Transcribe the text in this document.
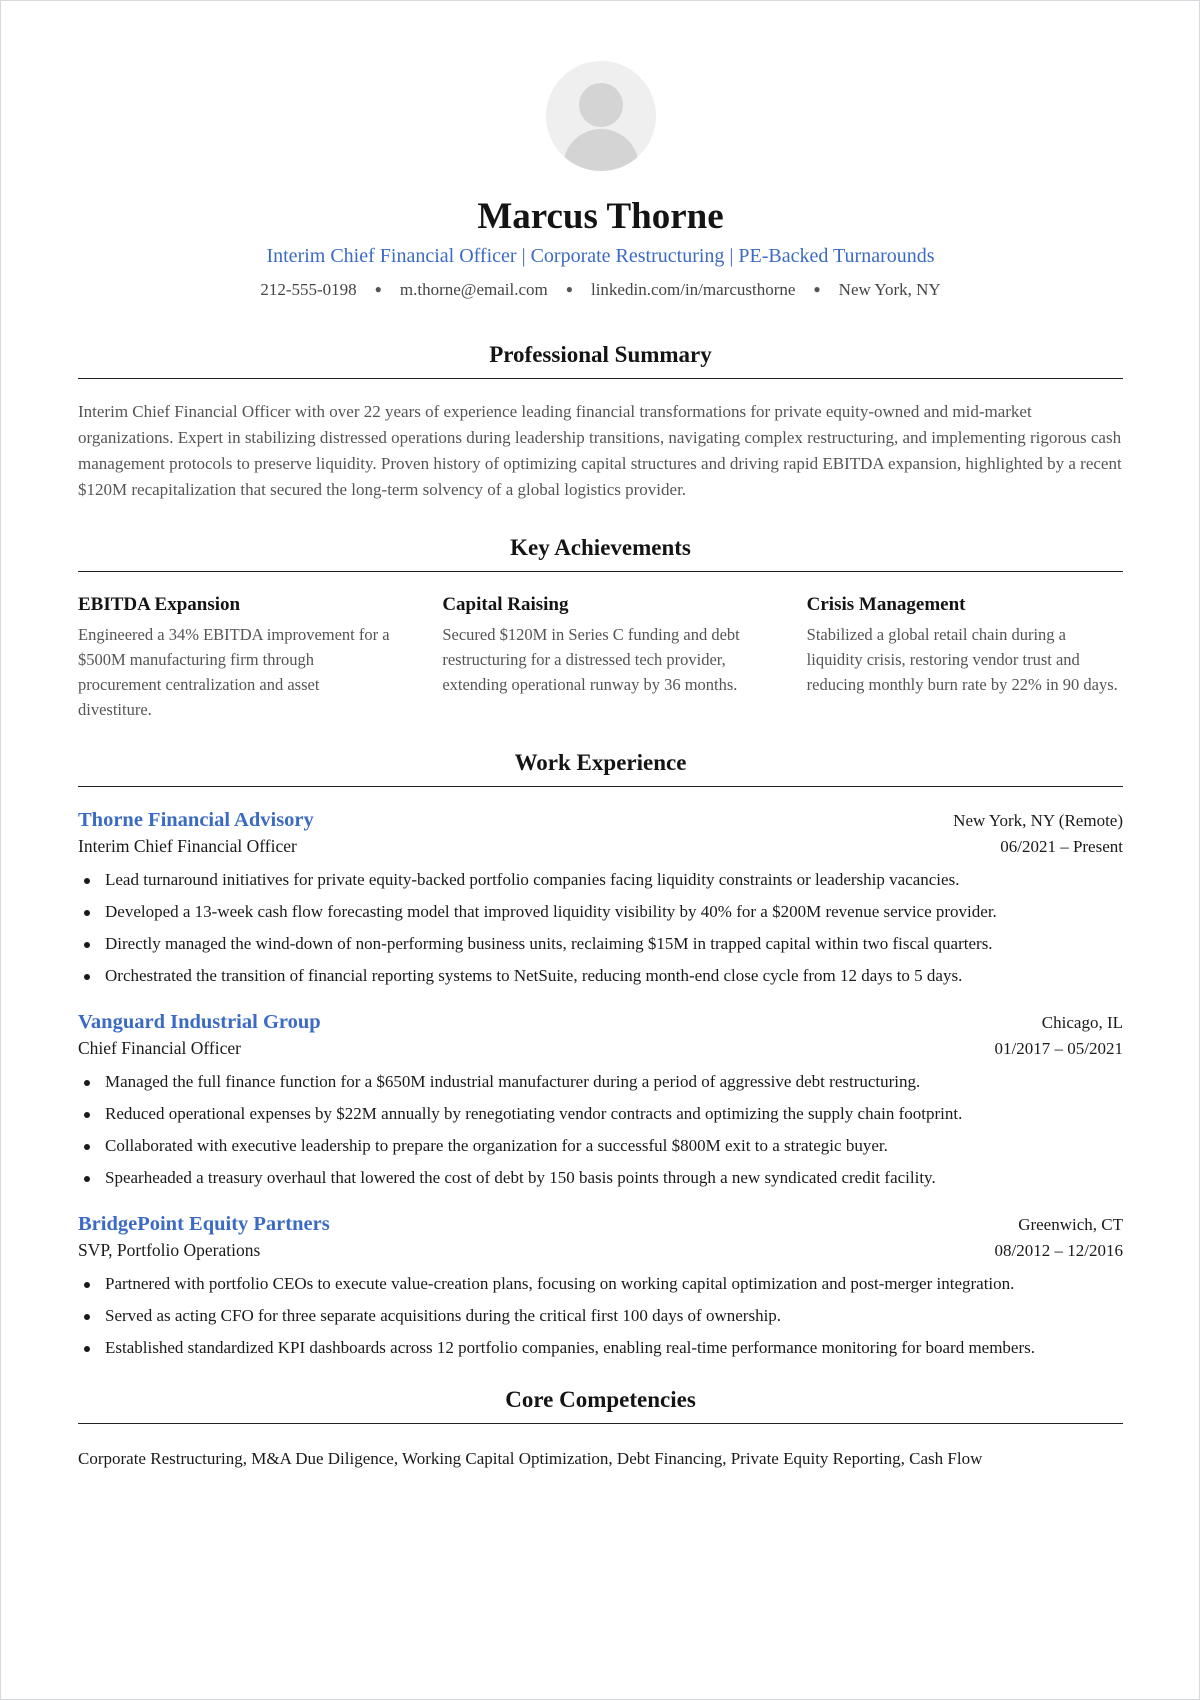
Marcus Thorne
Interim Chief Financial Officer | Corporate Restructuring | PE-Backed Turnarounds
212-555-0198 ● m.thorne@email.com ● linkedin.com/in/marcusthorne ● New York, NY
Professional Summary

Interim Chief Financial Officer with over 22 years of experience leading financial transformations for private equity-owned and mid-market organizations. Expert in stabilizing distressed operations during leadership transitions, navigating complex restructuring, and implementing rigorous cash management protocols to preserve liquidity. Proven history of optimizing capital structures and driving rapid EBITDA expansion, highlighted by a recent $120M recapitalization that secured the long-term solvency of a global logistics provider.

Key Achievements
EBITDA Expansion
Engineered a 34% EBITDA improvement for a $500M manufacturing firm through procurement centralization and asset divestiture.
Capital Raising
Secured $120M in Series C funding and debt restructuring for a distressed tech provider, extending operational runway by 36 months.
Crisis Management
Stabilized a global retail chain during a liquidity crisis, restoring vendor trust and reducing monthly burn rate by 22% in 90 days.
Work Experience
Thorne Financial Advisory	New York, NY (Remote)
Interim Chief Financial Officer	06/2021 – Present
Lead turnaround initiatives for private equity-backed portfolio companies facing liquidity constraints or leadership vacancies.
Developed a 13-week cash flow forecasting model that improved liquidity visibility by 40% for a $200M revenue service provider.
Directly managed the wind-down of non-performing business units, reclaiming $15M in trapped capital within two fiscal quarters.
Orchestrated the transition of financial reporting systems to NetSuite, reducing month-end close cycle from 12 days to 5 days.
Vanguard Industrial Group	Chicago, IL
Chief Financial Officer	01/2017 – 05/2021
Managed the full finance function for a $650M industrial manufacturer during a period of aggressive debt restructuring.
Reduced operational expenses by $22M annually by renegotiating vendor contracts and optimizing the supply chain footprint.
Collaborated with executive leadership to prepare the organization for a successful $800M exit to a strategic buyer.
Spearheaded a treasury overhaul that lowered the cost of debt by 150 basis points through a new syndicated credit facility.
BridgePoint Equity Partners	Greenwich, CT
SVP, Portfolio Operations	08/2012 – 12/2016
Partnered with portfolio CEOs to execute value-creation plans, focusing on working capital optimization and post-merger integration.
Served as acting CFO for three separate acquisitions during the critical first 100 days of ownership.
Established standardized KPI dashboards across 12 portfolio companies, enabling real-time performance monitoring for board members.
Core Competencies

Corporate Restructuring, M&A Due Diligence, Working Capital Optimization, Debt Financing, Private Equity Reporting, Cash Flow
